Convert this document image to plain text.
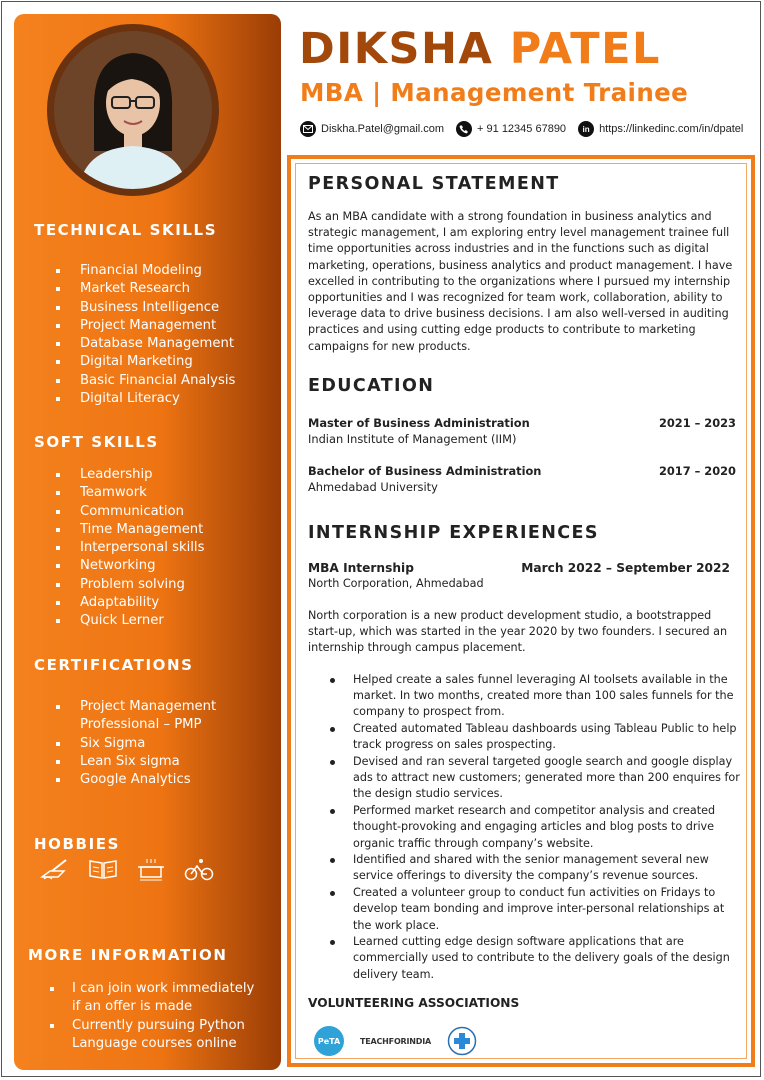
TECHNICAL SKILLS
Financial Modeling
Market Research
Business Intelligence
Project Management
Database Management
Digital Marketing
Basic Financial Analysis
Digital Literacy
SOFT SKILLS
Leadership
Teamwork
Communication
Time Management
Interpersonal skills
Networking
Problem solving
Adaptability
Quick Lerner
CERTIFICATIONS
Project Management Professional – PMP
Six Sigma
Lean Six sigma
Google Analytics
HOBBIES
MORE INFORMATION
I can join work immediately if an offer is made
Currently pursuing Python Language courses online
DIKSHA PATEL
MBA | Management Trainee
Diskha.Patel@gmail.com	+ 91 12345 67890 in https://linkedinc.com/in/dpatel
PERSONAL STATEMENT

As an MBA candidate with a strong foundation in business analytics and strategic management, I am exploring entry level management trainee full time opportunities across industries and in the functions such as digital marketing, operations, business analytics and product management. I have excelled in contributing to the organizations where I pursued my internship opportunities and I was recognized for team work, collaboration, ability to leverage data to drive business decisions. I am also well-versed in auditing practices and using cutting edge products to contribute to marketing campaigns for new products.

EDUCATION
Master of Business Administration	2021 – 2023
Indian Institute of Management (IIM)
Bachelor of Business Administration	2017 – 2020
Ahmedabad University
INTERNSHIP EXPERIENCES
MBA Internship	March 2022 – September 2022
North Corporation, Ahmedabad

North corporation is a new product development studio, a bootstrapped start-up, which was started in the year 2020 by two founders. I secured an internship through campus placement.

Helped create a sales funnel leveraging AI toolsets available in the market. In two months, created more than 100 sales funnels for the company to prospect from.
Created automated Tableau dashboards using Tableau Public to help track progress on sales prospecting.
Devised and ran several targeted google search and google display ads to attract new customers; generated more than 200 enquires for the design studio services.
Performed market research and competitor analysis and created thought-provoking and engaging articles and blog posts to drive organic traffic through company’s website.
Identified and shared with the senior management several new service offerings to diversity the company’s revenue sources.
Created a volunteer group to conduct fun activities on Fridays to develop team bonding and improve inter-personal relationships at the work place.
Learned cutting edge design software applications that are commercially used to contribute to the delivery goals of the design delivery team.
VOLUNTEERING ASSOCIATIONS
PeTA	TEACHFORINDIA
